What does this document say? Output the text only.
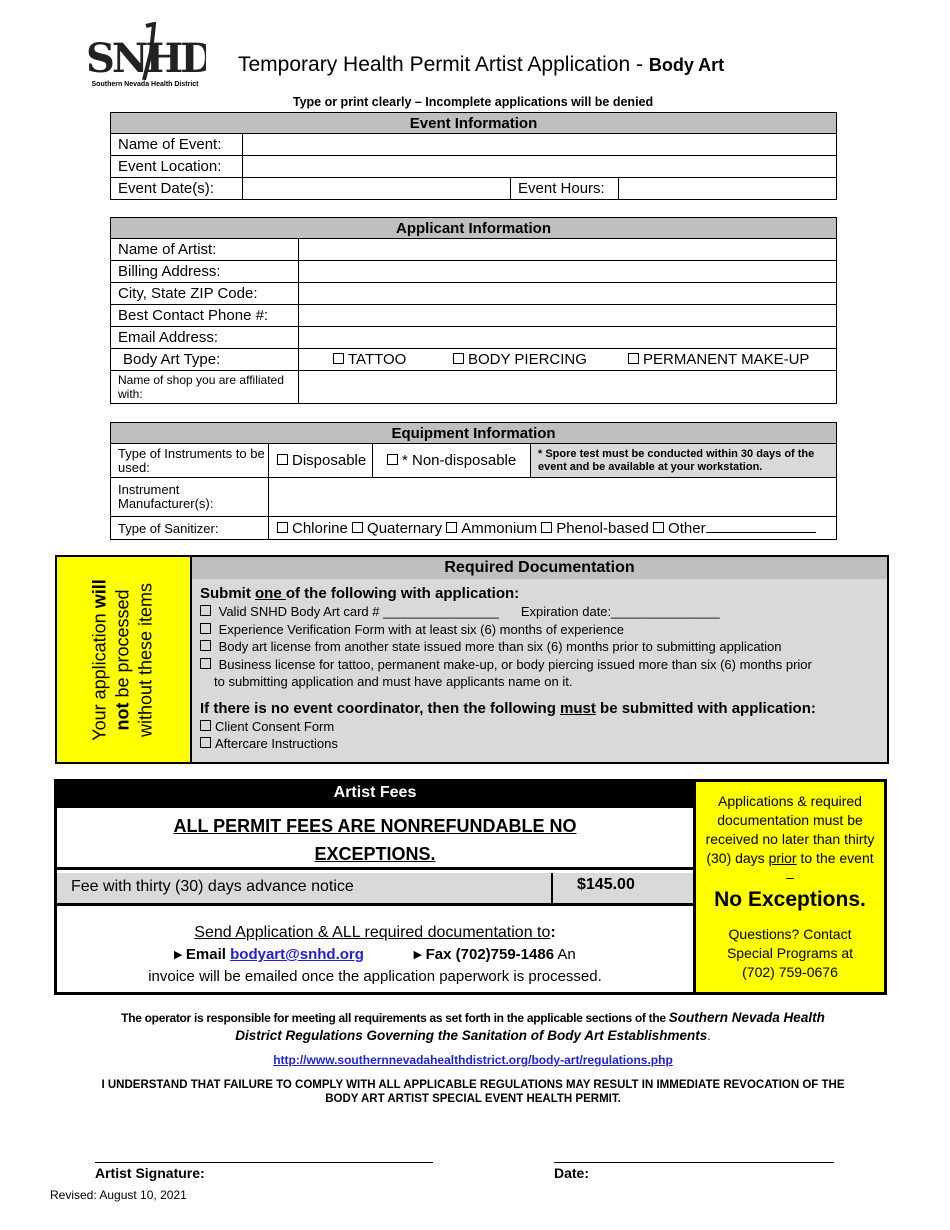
SNHD
Southern Nevada Health District
Temporary Health Permit Artist Application - Body Art
Type or print clearly – Incomplete applications will be denied
Event Information			
Name of Event:			
Event Location:			
Event Date(s):		Event Hours:	
Applicant Information	
Name of Artist:	
Billing Address:	
City, State ZIP Code:	
Best Contact Phone #:	
Email Address:	
Body Art Type:	TATTOO BODY PIERCING PERMANENT MAKE-UP
Name of shop you are affiliated with:	
Equipment Information			
Type of Instruments to be used:	Disposable	* Non-disposable	* Spore test must be conducted within 30 days of the event and be available at your workstation.
Instrument Manufacturer(s):			
Type of Sanitizer:	Chlorine Quaternary Ammonium Phenol-based Other		
Your application will
not be processed without these items
Required Documentation
Submit one of the following with application:
Valid SNHD Body Art card # ________________ Expiration date:_______________
Experience Verification Form with at least six (6) months of experience
Body art license from another state issued more than six (6) months prior to submitting application
Business license for tattoo, permanent make-up, or body piercing issued more than six (6) months prior
to submitting application and must have applicants name on it.
If there is no event coordinator, then the following must be submitted with application:
Client Consent Form
Aftercare Instructions
Artist Fees
ALL PERMIT FEES ARE NONREFUNDABLE NO
EXCEPTIONS.
Fee with thirty (30) days advance notice	$145.00
Send Application & ALL required documentation to:
▸ Email bodyart@snhd.org	▸ Fax (702)759-1486 An
invoice will be emailed once the application paperwork is processed.
Applications & required documentation must be received no later than thirty (30) days prior to the event –
No Exceptions.
Questions? Contact Special Programs at (702) 759-0676
The operator is responsible for meeting all requirements as set forth in the applicable sections of the Southern Nevada Health District Regulations Governing the Sanitation of Body Art Establishments.
http://www.southernnevadahealthdistrict.org/body-art/regulations.php
I UNDERSTAND THAT FAILURE TO COMPLY WITH ALL APPLICABLE REGULATIONS MAY RESULT IN IMMEDIATE REVOCATION OF THE BODY ART ARTIST SPECIAL EVENT HEALTH PERMIT.
Artist Signature:	Date:
Revised: August 10, 2021
